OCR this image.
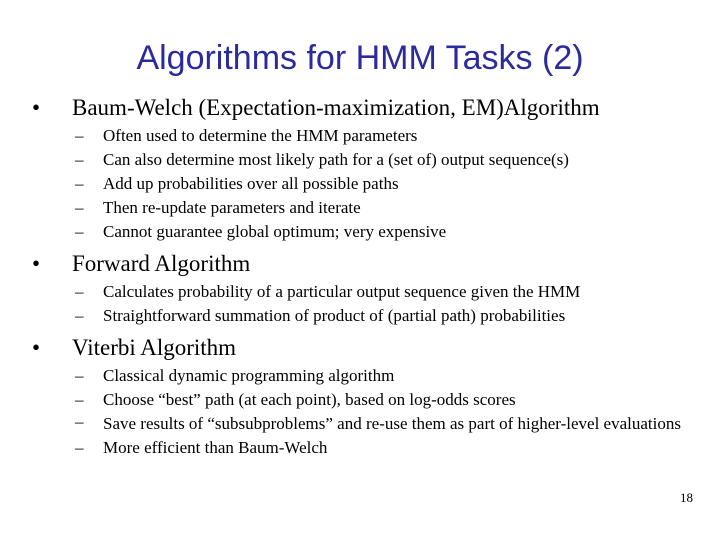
Algorithms for HMM Tasks (2)
•	Baum-Welch (Expectation-maximization, EM)Algorithm
– Often used to determine the HMM parameters
– Can also determine most likely path for a (set of) output sequence(s)
– Add up probabilities over all possible paths
– Then re-update parameters and iterate
– Cannot guarantee global optimum; very expensive
•	Forward Algorithm
– Calculates probability of a particular output sequence given the HMM
– Straightforward summation of product of (partial path) probabilities
•	Viterbi Algorithm
– Classical dynamic programming algorithm
– Choose “best” path (at each point), based on log-odds scores
– Save results of “subsubproblems” and re-use them as part of higher-level evaluations
– More efficient than Baum-Welch
18
